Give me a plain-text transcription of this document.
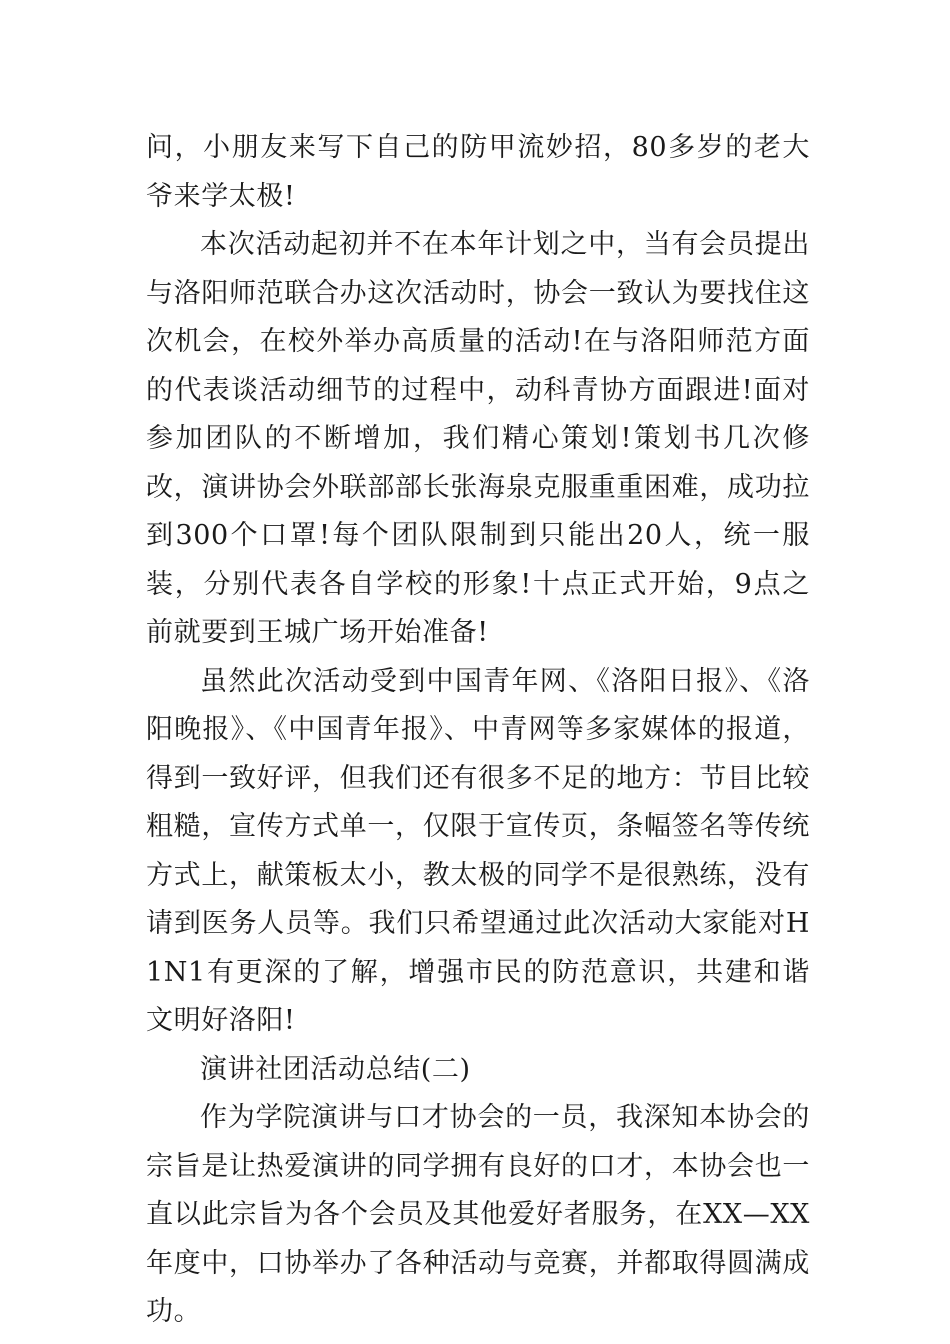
问，小朋友来写下自己的防甲流妙招，80多岁的老大爷来学太极!

本次活动起初并不在本年计划之中，当有会员提出与洛阳师范联合办这次活动时，协会一致认为要找住这次机会，在校外举办高质量的活动!在与洛阳师范方面的代表谈活动细节的过程中，动科青协方面跟进!面对参加团队的不断增加，我们精心策划!策划书几次修改，演讲协会外联部部长张海泉克服重重困难，成功拉到300个口罩!每个团队限制到只能出20人，统一服装，分别代表各自学校的形象!十点正式开始，9点之前就要到王城广场开始准备!

虽然此次活动受到中国青年网、《洛阳日报》、《洛阳晚报》、《中国青年报》、中青网等多家媒体的报道，得到一致好评，但我们还有很多不足的地方：节目比较粗糙，宣传方式单一，仅限于宣传页，条幅签名等传统方式上，献策板太小，教太极的同学不是很熟练，没有请到医务人员等。我们只希望通过此次活动大家能对H1N1有更深的了解，增强市民的防范意识，共建和谐文明好洛阳!

演讲社团活动总结(二)

作为学院演讲与口才协会的一员，我深知本协会的宗旨是让热爱演讲的同学拥有良好的口才，本协会也一直以此宗旨为各个会员及其他爱好者服务，在XX—XX年度中，口协举办了各种活动与竞赛，并都取得圆满成功。
